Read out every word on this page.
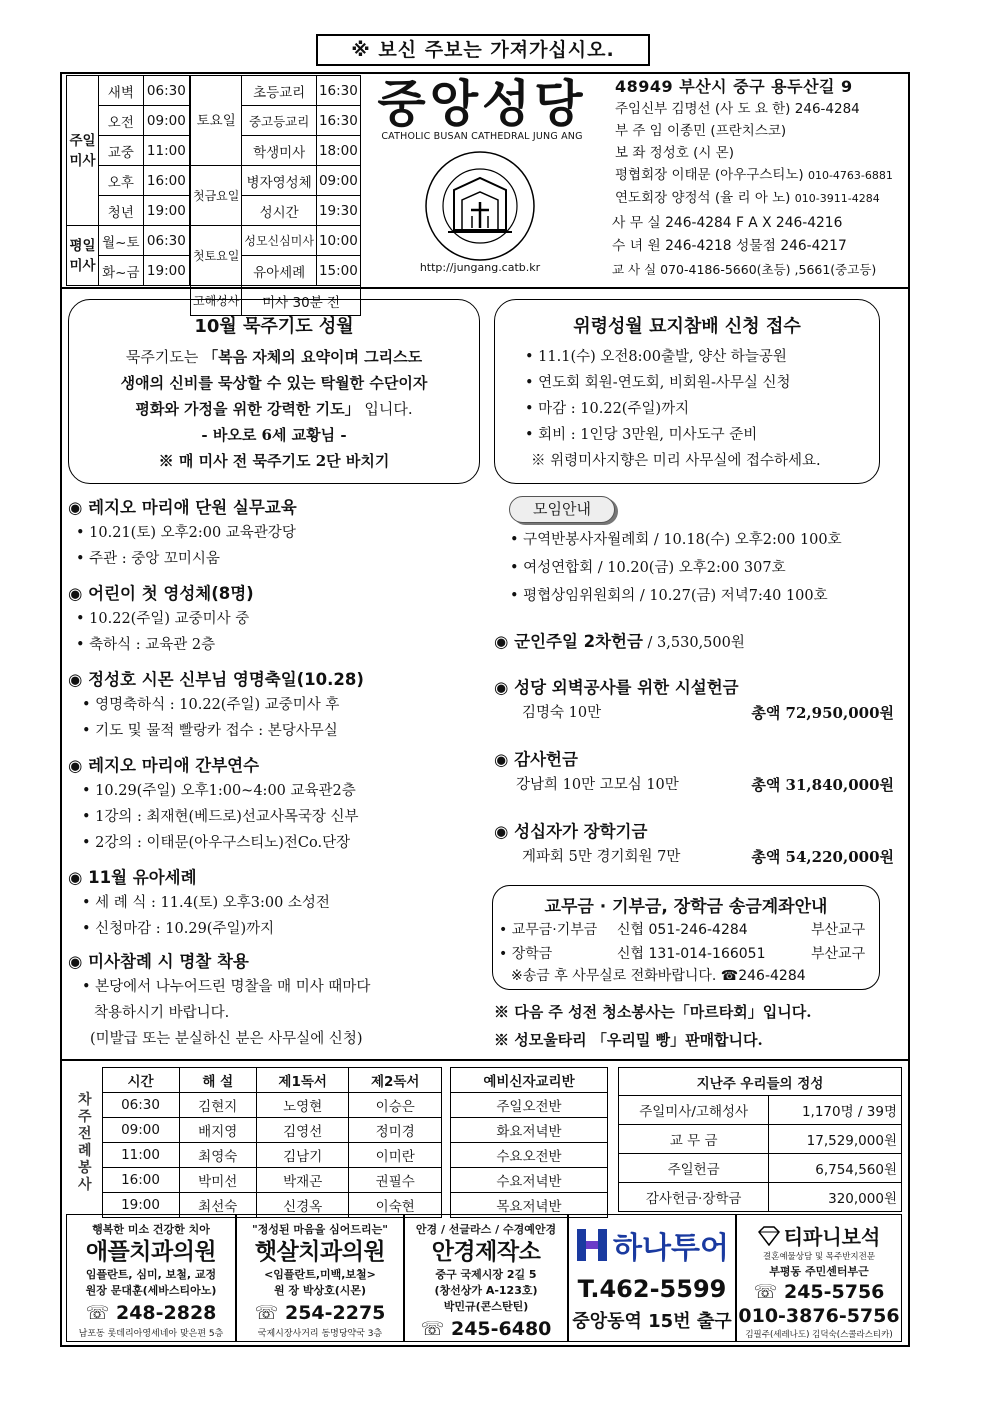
※ 보신 주보는 가져가십시오.
주일미사	새벽	06:30
	오전	09:00
	교중	11:00
	오후	16:00
	청년	19:00
평일미사	월~토	06:30
	화~금	19:00
토요일	초등교리	16:30
	중고등교리	16:30
	학생미사	18:00
첫금요일	병자영성체	09:00
	성시간	19:30
첫토요일	성모신심미사	10:00
	유아세례	15:00
고해성사	미사 30분 전	
중앙성당
CATHOLIC BUSAN CATHEDRAL JUNG ANG
http://jungang.catb.kr
48949 부산시 중구 용두산길 9
주임신부 김명선 (사 도 요 한) 246-4284
부 주 임 이종민 (프란치스코)
보 좌 정성호 (시 몬)
평협회장 이태문 (아우구스티노) 010-4763-6881
연도회장 양정석 (율 리 아 노) 010-3911-4284
사 무 실 246-4284 F A X 246-4216
수 녀 원 246-4218 성물점 246-4217
교 사 실 070-4186-5660(초등) ,5661(중고등)
10월 묵주기도 성월
묵주기도는 「복음 자체의 요약이며 그리스도
생애의 신비를 묵상할 수 있는 탁월한 수단이자
평화와 가정을 위한 강력한 기도」 입니다.
- 바오로 6세 교황님 -
※ 매 미사 전 묵주기도 2단 바치기
위령성월 묘지참배 신청 접수
• 11.1(수) 오전8:00출발, 양산 하늘공원
• 연도회 회원-연도회, 비회원-사무실 신청
• 마감 : 10.22(주일)까지
• 회비 : 1인당 3만원, 미사도구 준비
※ 위령미사지향은 미리 사무실에 접수하세요.
◉ 레지오 마리애 단원 실무교육
• 10.21(토) 오후2:00 교육관강당
• 주관 : 중앙 꼬미시움
◉ 어린이 첫 영성체(8명)
• 10.22(주일) 교중미사 중
• 축하식 : 교육관 2층
◉ 정성호 시몬 신부님 영명축일(10.28)
• 영명축하식 : 10.22(주일) 교중미사 후
• 기도 및 물적 빨랑카 접수 : 본당사무실
◉ 레지오 마리애 간부연수
• 10.29(주일) 오후1:00~4:00 교육관2층
• 1강의 : 최재현(베드로)선교사목국장 신부
• 2강의 : 이태문(아우구스티노)전Co.단장
◉ 11월 유아세례
• 세 례 식 : 11.4(토) 오후3:00 소성전
• 신청마감 : 10.29(주일)까지
◉ 미사참례 시 명찰 착용
• 본당에서 나누어드린 명찰을 매 미사 때마다
착용하시기 바랍니다.
(미발급 또는 분실하신 분은 사무실에 신청)
모임안내
• 구역반봉사자월례회 / 10.18(수) 오후2:00 100호
• 여성연합회 / 10.20(금) 오후2:00 307호
• 평협상임위원회의 / 10.27(금) 저녁7:40 100호
◉ 군인주일 2차헌금 / 3,530,500원
◉ 성당 외벽공사를 위한 시설헌금
김명숙 10만	총액 72,950,000원
◉ 감사헌금
강남희 10만 고모심 10만	총액 31,840,000원
◉ 성십자가 장학기금
게파회 5만 경기회원 7만	총액 54,220,000원
교무금 · 기부금, 장학금 송금계좌안내
• 교무금·기부금 신협 051-246-4284	부산교구
• 장학금	신협 131-014-166051	부산교구
※송금 후 사무실로 전화바랍니다. ☎246-4284
※ 다음 주 성전 청소봉사는「마르타회」입니다.
※ 성모울타리 「우리밀 빵」판매합니다.
차주전례봉사	시간	해 설	제1독서	제2독서
	06:30	김현지	노영현	이승은
	09:00	배지영	김영선	정미경
	11:00	최영숙	김남기	이미란
	16:00	박미선	박재곤	권필수
	19:00	최선숙	신경옥	이숙현
예비신자교리반
주일오전반
화요저녁반
수요오전반
수요저녁반
목요저녁반
지난주 우리들의 정성	
주일미사/고해성사	1,170명 / 39명
교 무 금	17,529,000원
주일헌금	6,754,560원
감사헌금·장학금	320,000원
행복한 미소 건강한 치아
애플치과의원
임플란트, 심미, 보철, 교정
원장 문대훈(세바스티아노)
☏ 248-2828
남포동 롯데리아영세네아 맞은편 5층
"정성된 마음을 심어드리는"
햇살치과의원
<임플란트,미백,보철>
원 장 박상호(시몬)
☏ 254-2275
국제시장사거리 동명당약국 3층
안경 / 선글라스 / 수경예안경
안경제작소
중구 국제시장 2길 5
(창선상가 A-123호)
박민규(콘스탄틴)
☏ 245-6480
하나투어
T.462-5599
중앙동역 15번 출구
티파니보석
결혼예물상담 및 목주반지전문
부평동 주민센터부근
☏ 245-5756
010-3876-5756
김필주(세레나도) 김덕숙(스콜라스티카)
